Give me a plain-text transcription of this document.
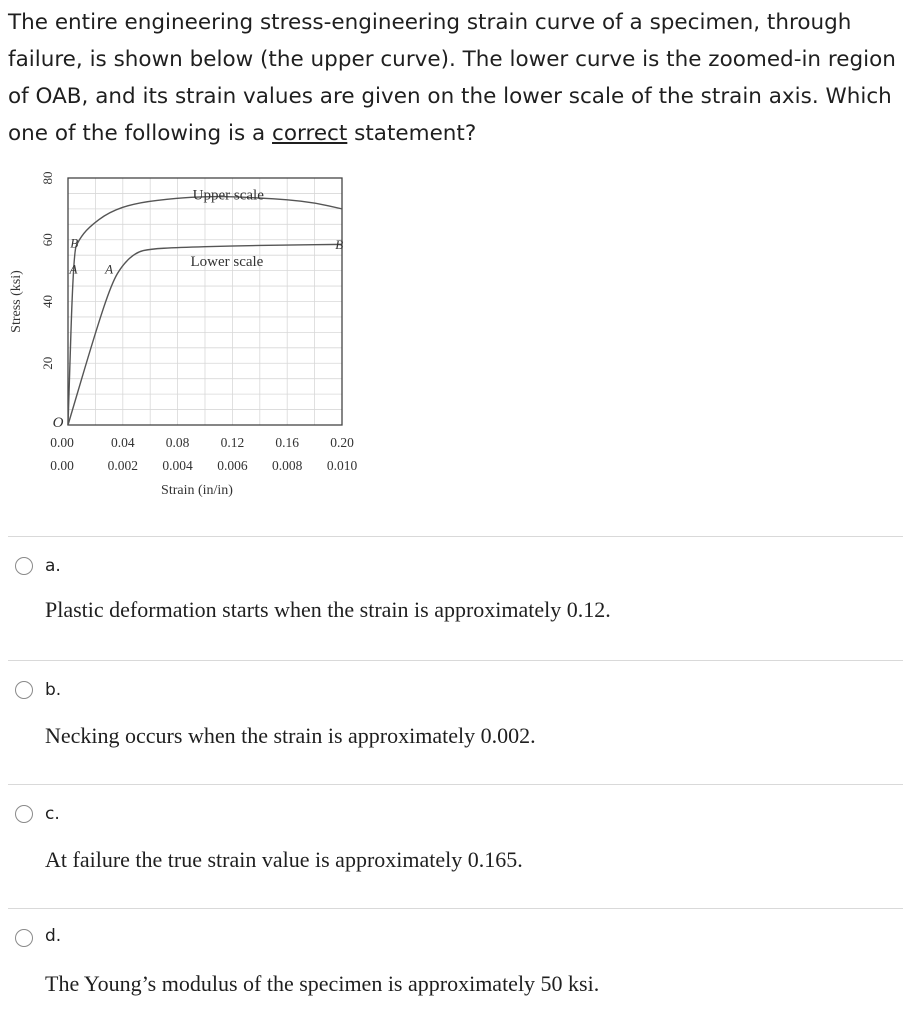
The entire engineering stress-engineering strain curve of a specimen, through failure, is shown below (the upper curve). The lower curve is the zoomed-in region of OAB, and its strain values are given on the lower scale of the strain axis. Which one of the following is a correct statement?

O
20
40
60
80
Stress (ksi)
0.00	0.04 0.08 0.12 0.16 0.20
0.00	0.002 0.004 0.006 0.008 0.010
Strain (in/in)
Upper scale
Lower scale
B
A A
B
a.
Plastic deformation starts when the strain is approximately 0.12.
b.
Necking occurs when the strain is approximately 0.002.
c.
At failure the true strain value is approximately 0.165.
d.
The Young’s modulus of the specimen is approximately 50 ksi.
